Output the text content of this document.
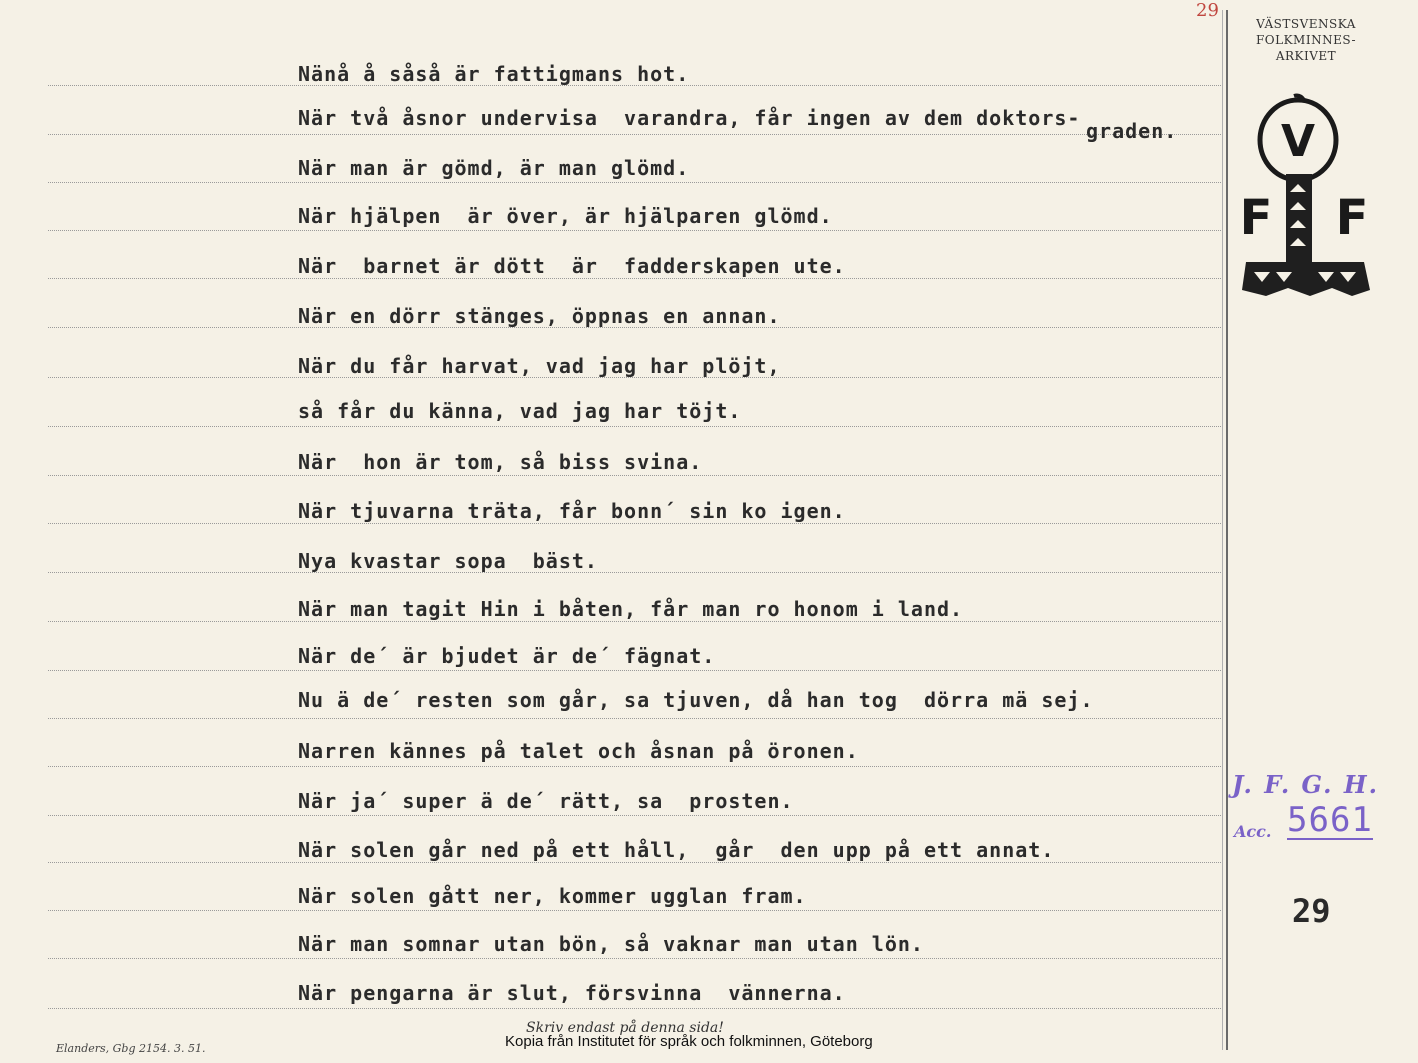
29
Nänå å såså är fattigmans hot.
När två åsnor undervisa  varandra, får ingen av dem doktors-
graden.
När man är gömd, är man glömd.
När hjälpen  är över, är hjälparen glömd.
När  barnet är dött  är  fadderskapen ute.
När en dörr stänges, öppnas en annan.
När du får harvat, vad jag har plöjt,
så får du känna, vad jag har töjt.
När  hon är tom, så biss svina.
När tjuvarna träta, får bonn´ sin ko igen.
Nya kvastar sopa  bäst.
När man tagit Hin i båten, får man ro honom i land.
När de´ är bjudet är de´ fägnat.
Nu ä de´ resten som går, sa tjuven, då han tog  dörra mä sej.
Narren kännes på talet och åsnan på öronen.
När ja´ super ä de´ rätt, sa  prosten.
När solen går ned på ett håll,  går  den upp på ett annat.
När solen gått ner, kommer ugglan fram.
När man somnar utan bön, så vaknar man utan lön.
När pengarna är slut, försvinna  vännerna.
VÄSTSVENSKA
FOLKMINNES-
ARKIVET
V
F F
J. F. G. H.
Acc. 5661
29
Elanders, Gbg 2154. 3. 51.
Skriv endast på denna sida!
Kopia från Institutet för språk och folkminnen, Göteborg
